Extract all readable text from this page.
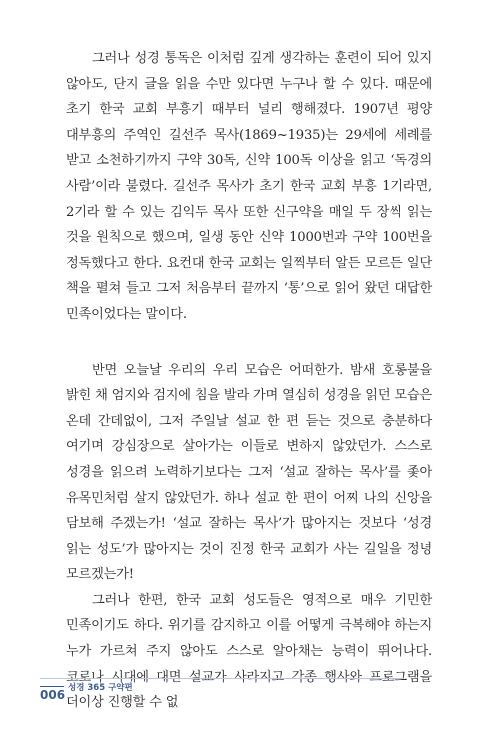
그러나 성경 통독은 이처럼 깊게 생각하는 훈련이 되어 있지 않아도, 단지 글을 읽을 수만 있다면 누구나 할 수 있다. 때문에 초기 한국 교회 부흥기 때부터 널리 행해졌다. 1907년 평양 대부흥의 주역인 길선주 목사(1869~1935)는 29세에 세례를 받고 소천하기까지 구약 30독, 신약 100독 이상을 읽고 ‘독경의 사람’이라 불렸다. 길선주 목사가 초기 한국 교회 부흥 1기라면, 2기라 할 수 있는 김익두 목사 또한 신구약을 매일 두 장씩 읽는 것을 원칙으로 했으며, 일생 동안 신약 1000번과 구약 100번을 정독했다고 한다. 요컨대 한국 교회는 일찍부터 알든 모르든 일단 책을 펼쳐 들고 그저 처음부터 끝까지 ‘통’으로 읽어 왔던 대답한 민족이었다는 말이다.

반면 오늘날 우리의 우리 모습은 어떠한가. 밤새 호롱불을 밝힌 채 엄지와 검지에 침을 발라 가며 열심히 성경을 읽던 모습은 온데 간데없이, 그저 주일날 설교 한 편 듣는 것으로 충분하다 여기며 강심장으로 살아가는 이들로 변하지 않았던가. 스스로 성경을 읽으려 노력하기보다는 그저 ‘설교 잘하는 목사’를 좇아 유목민처럼 살지 않았던가. 하나 설교 한 편이 어찌 나의 신앙을 담보해 주겠는가! ‘설교 잘하는 목사’가 많아지는 것보다 ‘성경 읽는 성도’가 많아지는 것이 진정 한국 교회가 사는 길일을 정녕 모르겠는가!

그러나 한편, 한국 교회 성도들은 영적으로 매우 기민한 민족이기도 하다. 위기를 감지하고 이를 어떻게 극복해야 하는지 누가 가르쳐 주지 않아도 스스로 알아채는 능력이 뛰어나다. 코로나 시대에 대면 설교가 사라지고 각종 행사와 프로그램을 더이상 진행할 수 없

성경 365 구약편
006
